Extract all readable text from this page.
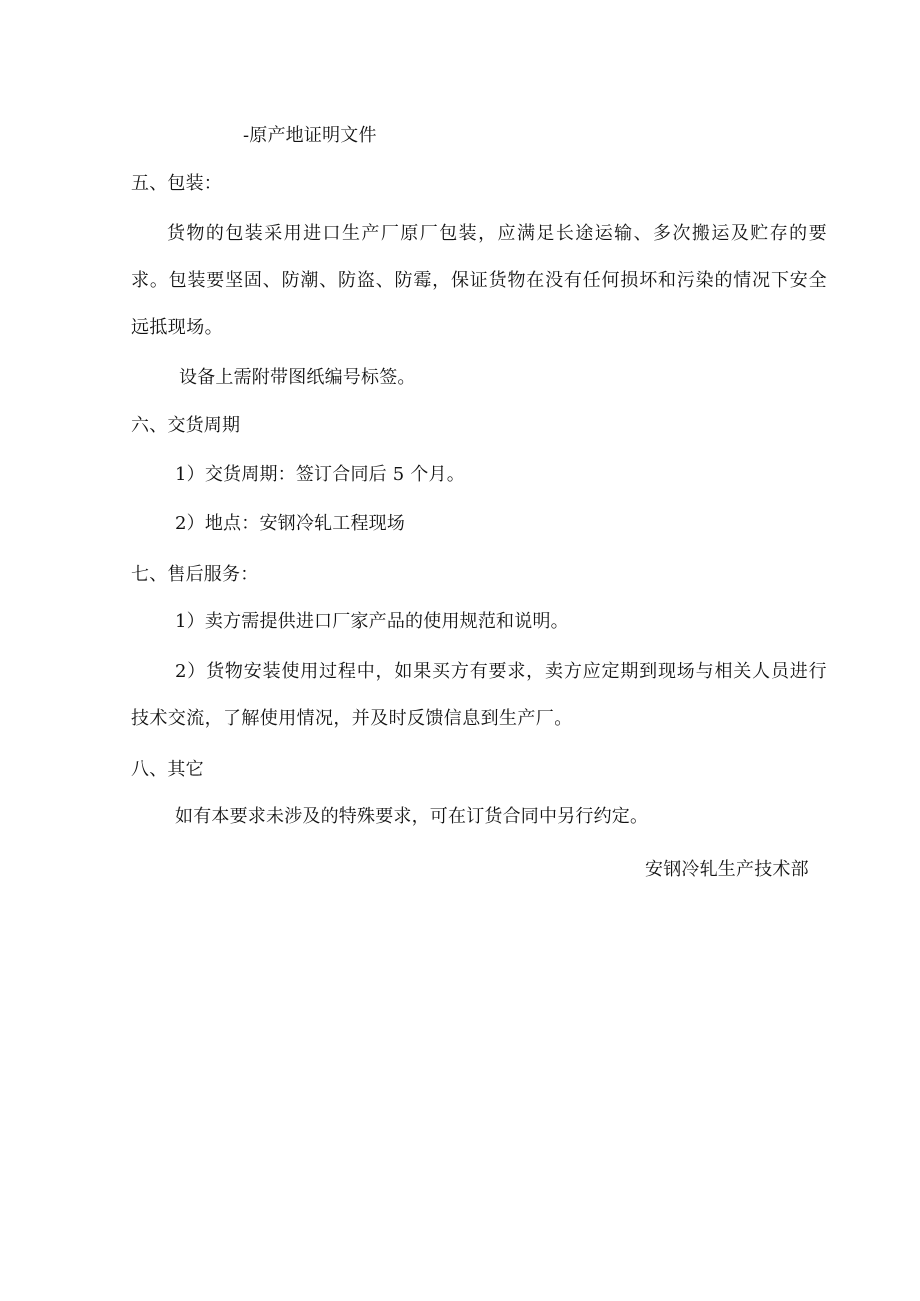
-原产地证明文件
五、包装：
货物的包装采用进口生产厂原厂包装，应满足长途运输、多次搬运及贮存的要求。包装要坚固、防潮、防盗、防霉，保证货物在没有任何损坏和污染的情况下安全远抵现场。
设备上需附带图纸编号标签。
六、交货周期
1）交货周期：签订合同后 5 个月。
2）地点：安钢冷轧工程现场
七、售后服务：
1）卖方需提供进口厂家产品的使用规范和说明。
2）货物安装使用过程中，如果买方有要求，卖方应定期到现场与相关人员进行技术交流，了解使用情况，并及时反馈信息到生产厂。
八、其它
如有本要求未涉及的特殊要求，可在订货合同中另行约定。
安钢冷轧生产技术部
